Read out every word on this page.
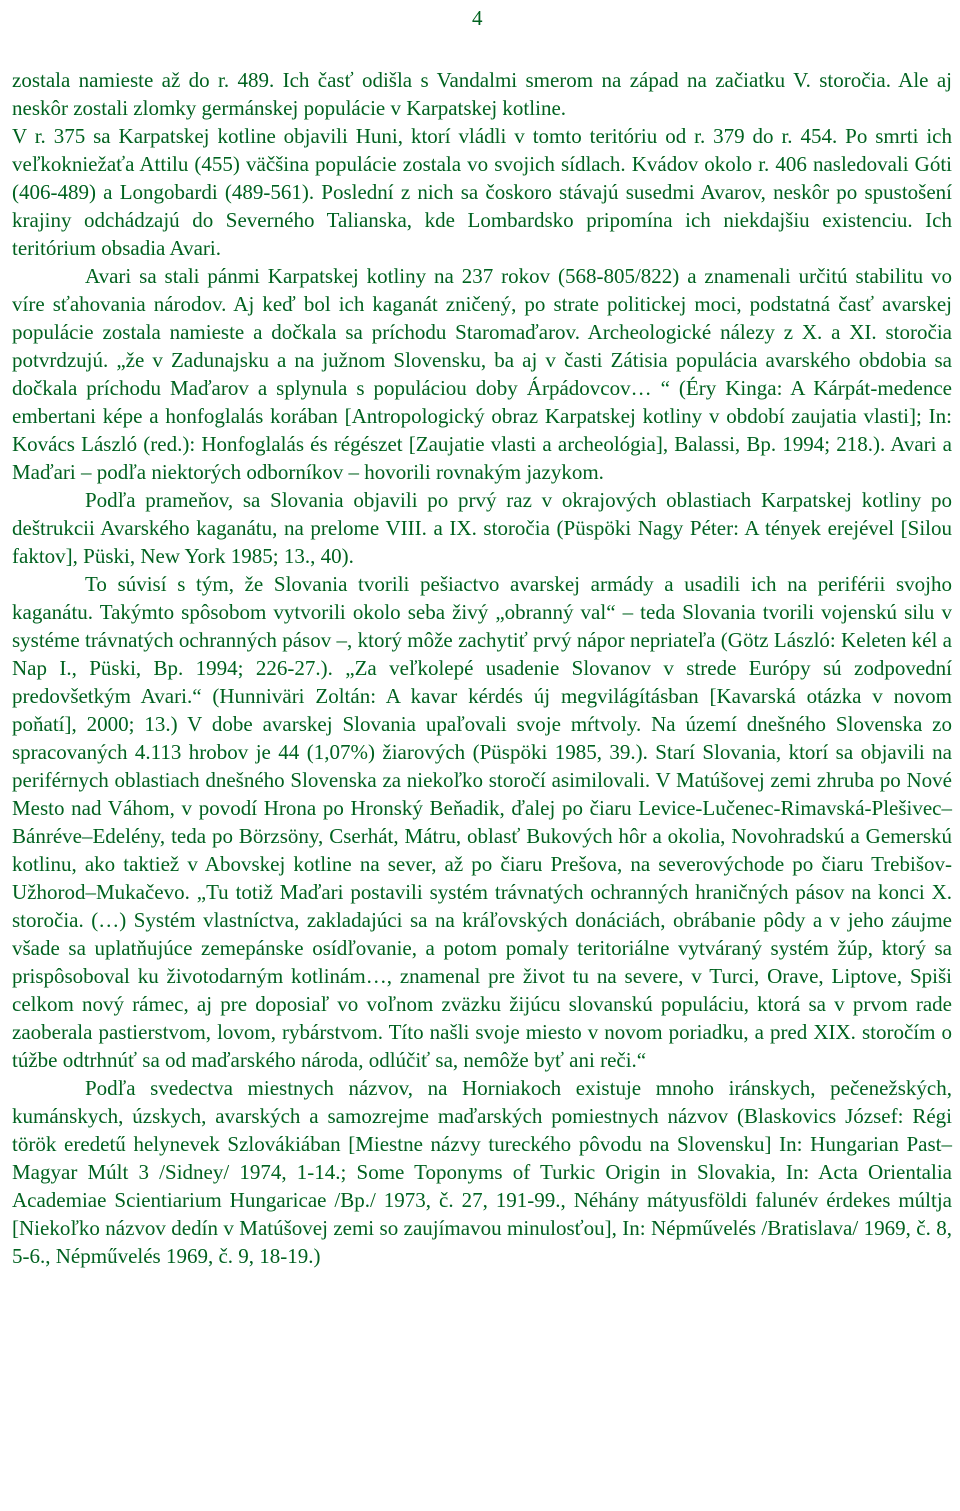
4

zostala namieste až do r. 489. Ich časť odišla s Vandalmi smerom na západ na začiatku V. storočia. Ale aj neskôr zostali zlomky germánskej populácie v Karpatskej kotline.

V r. 375 sa Karpatskej kotline objavili Huni, ktorí vládli v tomto teritóriu od r. 379 do r. 454. Po smrti ich veľkokniežaťa Attilu (455) väčšina populácie zostala vo svojich sídlach. Kvádov okolo r. 406 nasledovali Góti (406-489) a Longobardi (489-561). Poslední z nich sa čoskoro stávajú susedmi Avarov, neskôr po spustošení krajiny odchádzajú do Severného Talianska, kde Lombardsko pripomína ich niekdajšiu existenciu. Ich teritórium obsadia Avari.

Avari sa stali pánmi Karpatskej kotliny na 237 rokov (568-805/822) a znamenali určitú stabilitu vo víre sťahovania národov. Aj keď bol ich kaganát zničený, po strate politickej moci, podstatná časť avarskej populácie zostala namieste a dočkala sa príchodu Staromaďarov. Archeologické nálezy z X. a XI. storočia potvrdzujú. „že v Zadunajsku a na južnom Slovensku, ba aj v časti Zátisia populácia avarského obdobia sa dočkala príchodu Maďarov a splynula s populáciou doby Árpádovcov… “ (Éry Kinga: A Kárpát-medence embertani képe a honfoglalás korában [Antropologický obraz Karpatskej kotliny v období zaujatia vlasti]; In: Kovács László (red.): Honfoglalás és régészet [Zaujatie vlasti a archeológia], Balassi, Bp. 1994; 218.). Avari a Maďari – podľa niektorých odborníkov – hovorili rovnakým jazykom.

Podľa prameňov, sa Slovania objavili po prvý raz v okrajových oblastiach Karpatskej kotliny po deštrukcii Avarského kaganátu, na prelome VIII. a IX. storočia (Püspöki Nagy Péter: A tények erejével [Silou faktov], Püski, New York 1985; 13., 40).

To súvisí s tým, že Slovania tvorili pešiactvo avarskej armády a usadili ich na periférii svojho kaganátu. Takýmto spôsobom vytvorili okolo seba živý „obranný val“ – teda Slovania tvorili vojenskú silu v systéme trávnatých ochranných pásov –, ktorý môže zachytiť prvý nápor nepriateľa (Götz László: Keleten kél a Nap I., Püski, Bp. 1994; 226-27.). „Za veľkolepé usadenie Slovanov v strede Európy sú zodpovední predovšetkým Avari.“ (Hunniväri Zoltán: A kavar kérdés új megvilágításban [Kavarská otázka v novom poňatí], 2000; 13.) V dobe avarskej Slovania upaľovali svoje mŕtvoly. Na území dnešného Slovenska zo spracovaných 4.113 hrobov je 44 (1,07%) žiarových (Püspöki 1985, 39.). Starí Slovania, ktorí sa objavili na periférnych oblastiach dnešného Slovenska za niekoľko storočí asimilovali. V Matúšovej zemi zhruba po Nové Mesto nad Váhom, v povodí Hrona po Hronský Beňadik, ďalej po čiaru Levice-Lučenec-Rimavská-Plešivec–Bánréve–Edelény, teda po Börzsöny, Cserhát, Mátru, oblasť Bukových hôr a okolia, Novohradskú a Gemerskú kotlinu, ako taktiež v Abovskej kotline na sever, až po čiaru Prešova, na severovýchode po čiaru Trebišov-Užhorod–Mukačevo. „Tu totiž Maďari postavili systém trávnatých ochranných hraničných pásov na konci X. storočia. (…) Systém vlastníctva, zakladajúci sa na kráľovských donáciách, obrábanie pôdy a v jeho záujme všade sa uplatňujúce zemepánske osídľovanie, a potom pomaly teritoriálne vytváraný systém žúp, ktorý sa prispôsoboval ku životodarným kotlinám…, znamenal pre život tu na severe, v Turci, Orave, Liptove, Spiši celkom nový rámec, aj pre doposiaľ vo voľnom zväzku žijúcu slovanskú populáciu, ktorá sa v prvom rade zaoberala pastierstvom, lovom, rybárstvom. Títo našli svoje miesto v novom poriadku, a pred XIX. storočím o túžbe odtrhnúť sa od maďarského národa, odlúčiť sa, nemôže byť ani reči.“

Podľa svedectva miestnych názvov, na Horniakoch existuje mnoho iránskych, pečenežských, kumánskych, úzskych, avarských a samozrejme maďarských pomiestnych názvov (Blaskovics József: Régi török eredetű helynevek Szlovákiában [Miestne názvy tureckého pôvodu na Slovensku] In: Hungarian Past–Magyar Múlt 3 /Sidney/ 1974, 1-14.; Some Toponyms of Turkic Origin in Slovakia, In: Acta Orientalia Academiae Scientiarium Hungaricae /Bp./ 1973, č. 27, 191-99., Néhány mátyusföldi falunév érdekes múltja [Niekoľko názvov dedín v Matúšovej zemi so zaujímavou minulosťou], In: Népművelés /Bratislava/ 1969, č. 8, 5-6., Népművelés 1969, č. 9, 18-19.)
